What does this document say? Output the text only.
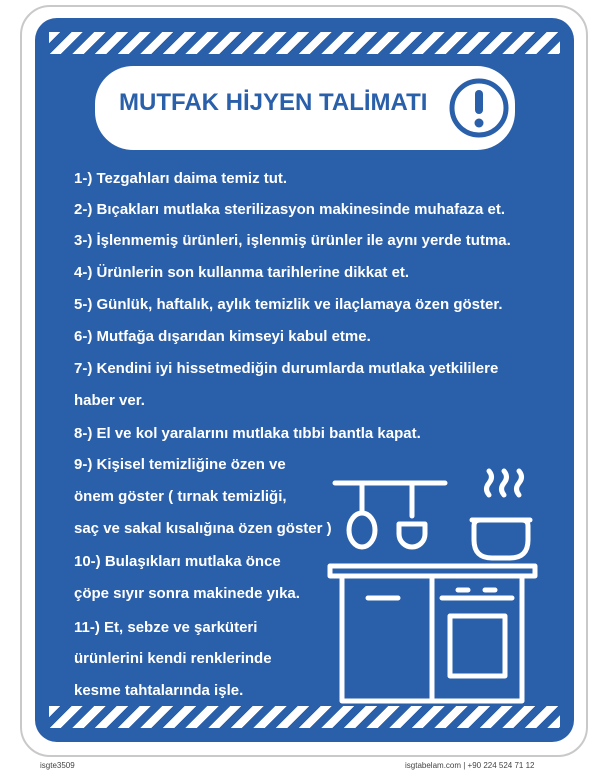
MUTFAK HİJYEN TALİMATI
1-) Tezgahları daima temiz tut.
2-) Bıçakları mutlaka sterilizasyon makinesinde muhafaza et.
3-) İşlenmemiş ürünleri, işlenmiş ürünler ile aynı yerde tutma.
4-) Ürünlerin son kullanma tarihlerine dikkat et.
5-) Günlük, haftalık, aylık temizlik ve ilaçlamaya özen göster.
6-) Mutfağa dışarıdan kimseyi kabul etme.
7-) Kendini iyi hissetmediğin durumlarda mutlaka yetkililere
haber ver.
8-) El ve kol yaralarını mutlaka tıbbi bantla kapat.
9-) Kişisel temizliğine özen ve
önem göster ( tırnak temizliği,
saç ve sakal kısalığına özen göster )
10-) Bulaşıkları mutlaka önce
çöpe sıyır sonra makinede yıka.
11-) Et, sebze ve şarküteri
ürünlerini kendi renklerinde
kesme tahtalarında işle.
isgte3509	isgtabelam.com | +90 224 524 71 12
